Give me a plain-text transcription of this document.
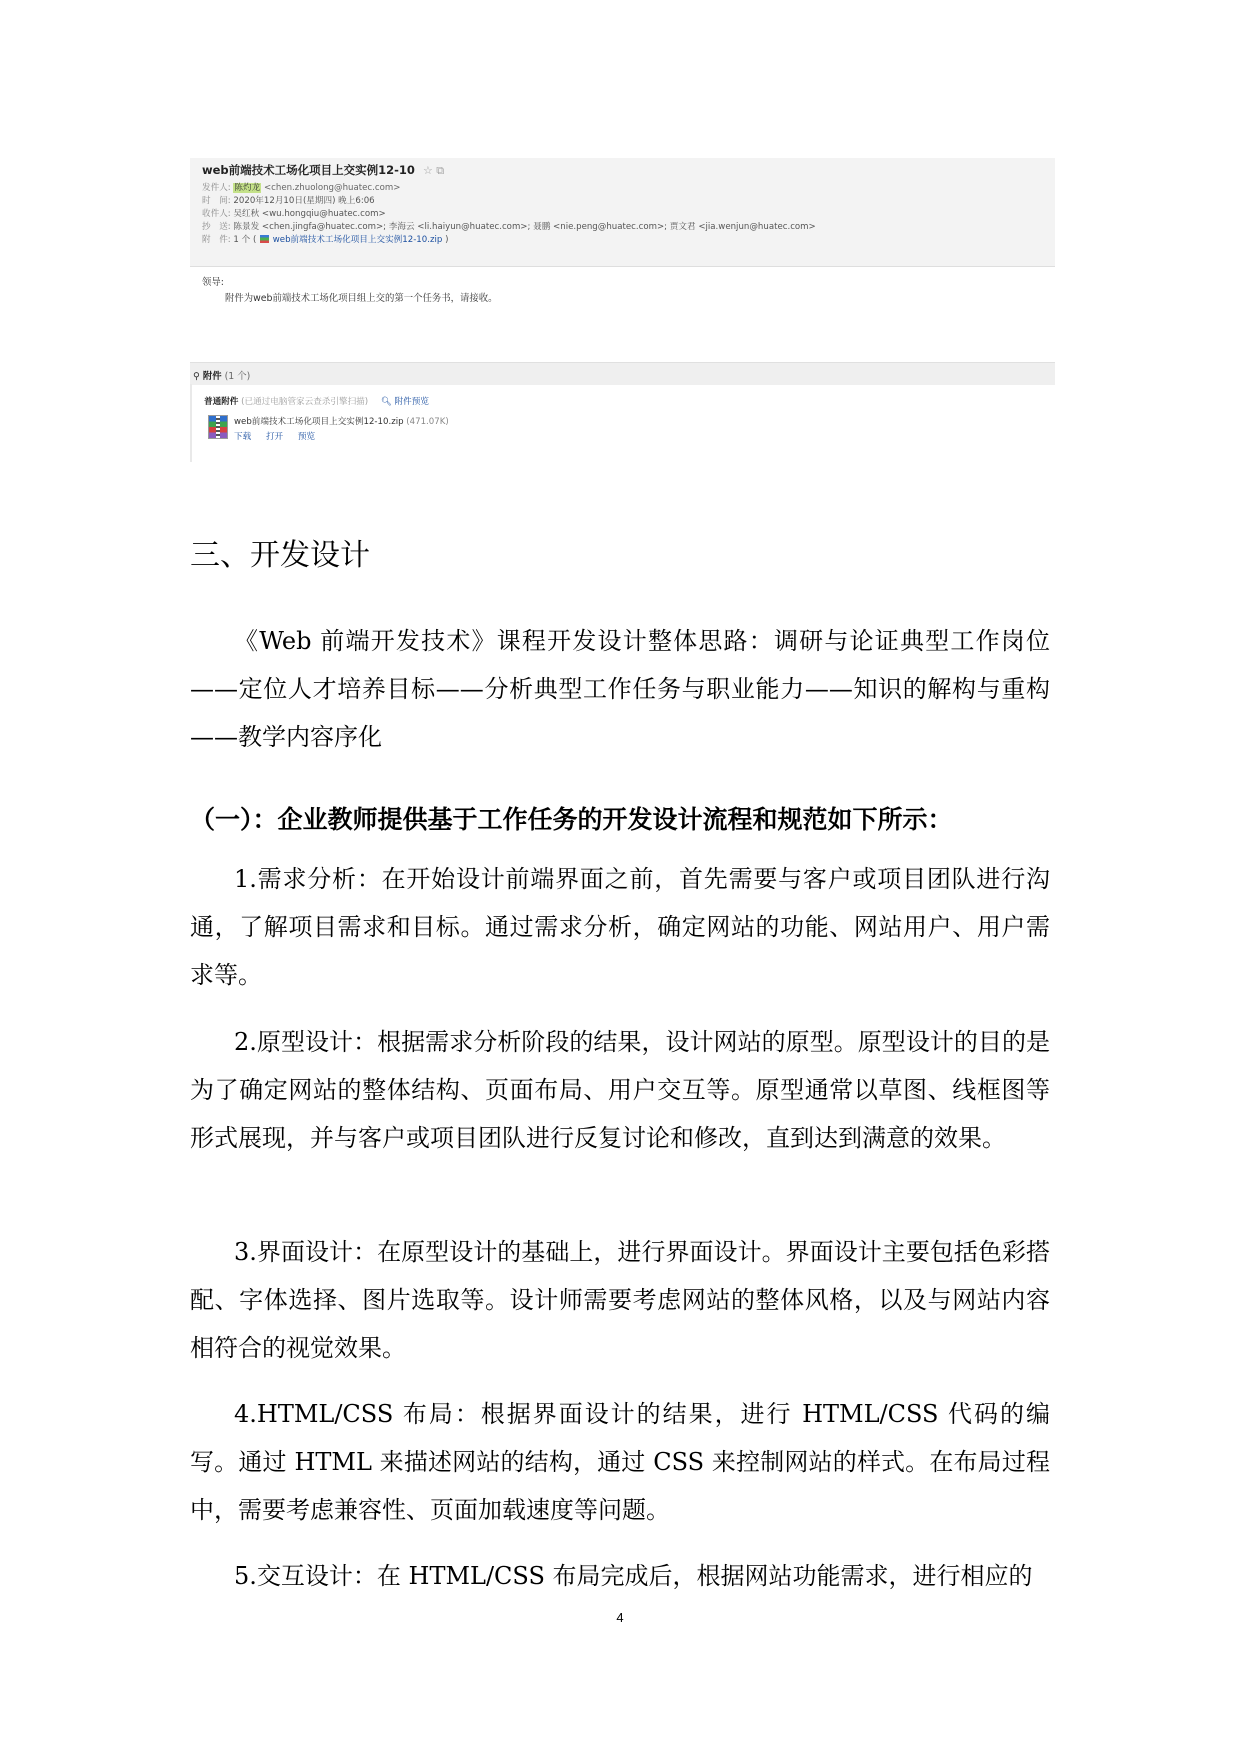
web前端技术工场化项目上交实例12-10 ☆ ⧉
发件人: 陈灼龙 <chen.zhuolong@huatec.com>
时　间: 2020年12月10日(星期四) 晚上6:06
收件人: 吴红秋 <wu.hongqiu@huatec.com>
抄　送: 陈景发 <chen.jingfa@huatec.com>; 李海云 <li.haiyun@huatec.com>; 聂鹏 <nie.peng@huatec.com>; 贾文君 <jia.wenjun@huatec.com>
附　件: 1 个 ( web前端技术工场化项目上交实例12-10.zip )
领导:
附件为web前端技术工场化项目组上交的第一个任务书，请接收。
⚲ 附件 (1 个)
普通附件 (已通过电脑管家云查杀引擎扫描) 🔍︎ 附件预览
web前端技术工场化项目上交实例12-10.zip (471.07K)
下载 打开 预览
三、开发设计

《Web 前端开发技术》课程开发设计整体思路：调研与论证典型工作岗位——定位人才培养目标——分析典型工作任务与职业能力——知识的解构与重构——教学内容序化

（一）：企业教师提供基于工作任务的开发设计流程和规范如下所示：

1.需求分析：在开始设计前端界面之前，首先需要与客户或项目团队进行沟通，了解项目需求和目标。通过需求分析，确定网站的功能、网站用户、用户需求等。

2.原型设计：根据需求分析阶段的结果，设计网站的原型。原型设计的目的是为了确定网站的整体结构、页面布局、用户交互等。原型通常以草图、线框图等形式展现，并与客户或项目团队进行反复讨论和修改，直到达到满意的效果。

3.界面设计：在原型设计的基础上，进行界面设计。界面设计主要包括色彩搭配、字体选择、图片选取等。设计师需要考虑网站的整体风格，以及与网站内容相符合的视觉效果。

4.HTML/CSS 布局：根据界面设计的结果，进行 HTML/CSS 代码的编写。通过 HTML 来描述网站的结构，通过 CSS 来控制网站的样式。在布局过程中，需要考虑兼容性、页面加载速度等问题。

5.交互设计：在 HTML/CSS 布局完成后，根据网站功能需求，进行相应的

4
